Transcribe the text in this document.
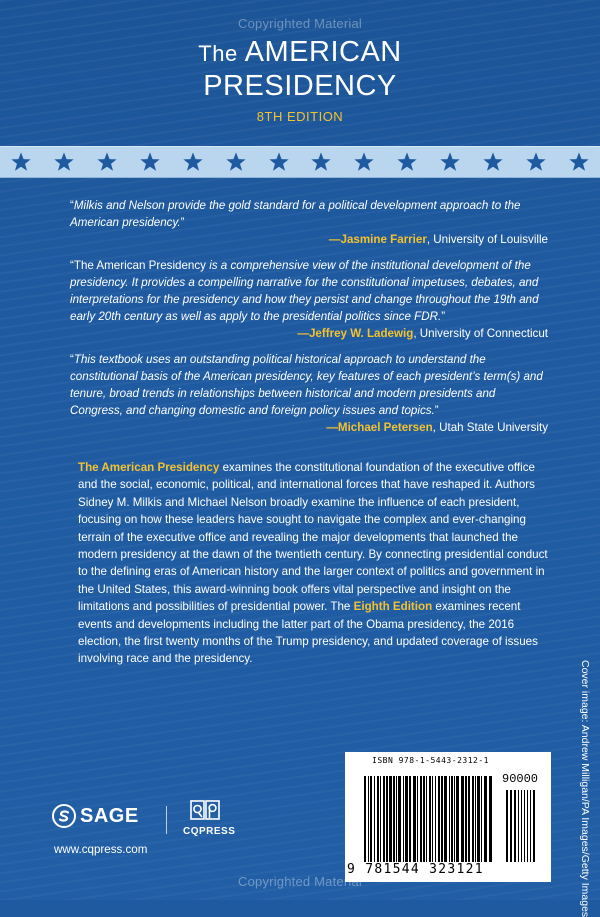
Copyrighted Material
The AMERICAN
PRESIDENCY
8TH EDITION
“Milkis and Nelson provide the gold standard for a political development approach to the American presidency.”
—Jasmine Farrier, University of Louisville
“The American Presidency is a comprehensive view of the institutional development of the presidency. It provides a compelling narrative for the constitutional impetuses, debates, and interpretations for the presidency and how they persist and change throughout the 19th and early 20th century as well as apply to the presidential politics since FDR.”
—Jeffrey W. Ladewig, University of Connecticut
“This textbook uses an outstanding political historical approach to understand the constitutional basis of the American presidency, key features of each president’s term(s) and tenure, broad trends in relationships between historical and modern presidents and Congress, and changing domestic and foreign policy issues and topics.”
—Michael Petersen, Utah State University
The American Presidency examines the constitutional foundation of the executive office and the social, economic, political, and international forces that have reshaped it. Authors Sidney M. Milkis and Michael Nelson broadly examine the influence of each president, focusing on how these leaders have sought to navigate the complex and ever-changing terrain of the executive office and revealing the major developments that launched the modern presidency at the dawn of the twentieth century. By connecting presidential conduct to the defining eras of American history and the larger context of politics and government in the United States, this award-winning book offers vital perspective and insight on the limitations and possibilities of presidential power. The Eighth Edition examines recent events and developments including the latter part of the Obama presidency, the 2016 election, the first twenty months of the Trump presidency, and updated coverage of issues involving race and the presidency.
Cover image: Andrew Milligan/PA Images/Getty Images
SAGE
CQPRESS
www.cqpress.com
ISBN 978-1-5443-2312-1
90000
9 781544 323121
Copyrighted Material
